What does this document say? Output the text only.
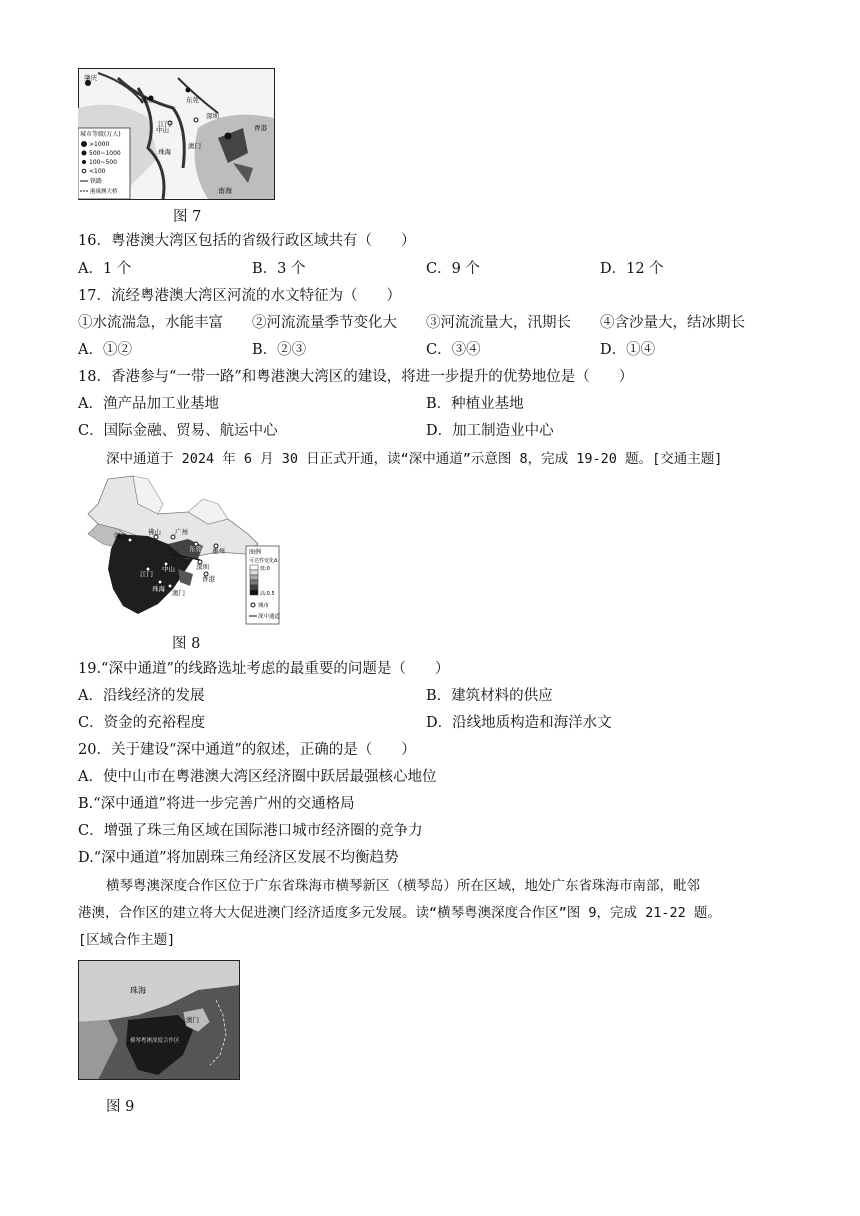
肇庆
佛山	东莞
江门
中山
珠海
深圳
香港
澳门
城市等级(万人)
>1000
500~1000
100~500
<100
铁路
港珠澳大桥	南海
图 7
16．粤港澳大湾区包括的省级行政区域共有（　　）
A．1 个	B．3 个	C．9 个	D．12 个
17．流经粤港澳大湾区河流的水文特征为（　　）
①水流湍急，水能丰富 ②河流流量季节变化大 ③河流流量大，汛期长 ④含沙量大，结冰期长
A．①②	B．②③	C．③④	D．①④
18．香港参与“一带一路”和粤港澳大湾区的建设，将进一步提升的优势地位是（　　）
A．渔产品加工业基地	B．种植业基地
C．国际金融、贸易、航运中心	D．加工制造业中心
深中通道于 2024 年 6 月 30 日正式开通，读“深中通道”示意图 8，完成 19-20 题。[交通主题]
肇庆	佛山 广州
东莞 惠州
深圳
中山
江门
珠海
香港
澳门
图例
可达性变化Δ
低:0
高:0.5
城市
深中通道
图 8
19.“深中通道”的线路选址考虑的最重要的问题是（　　）
A．沿线经济的发展	B．建筑材料的供应
C．资金的充裕程度	D．沿线地质构造和海洋水文
20．关于建设“深中通道”的叙述，正确的是（　　）
A．使中山市在粤港澳大湾区经济圈中跃居最强核心地位
B.“深中通道”将进一步完善广州的交通格局
C．增强了珠三角区域在国际港口城市经济圈的竞争力
D.“深中通道”将加剧珠三角经济区发展不均衡趋势
横琴粤澳深度合作区位于广东省珠海市横琴新区（横琴岛）所在区域，地处广东省珠海市南部，毗邻
港澳，合作区的建立将大大促进澳门经济适度多元发展。读“横琴粤澳深度合作区”图 9，完成 21-22 题。
[区域合作主题]
珠海
澳门
横琴粤澳深度合作区
图 9
